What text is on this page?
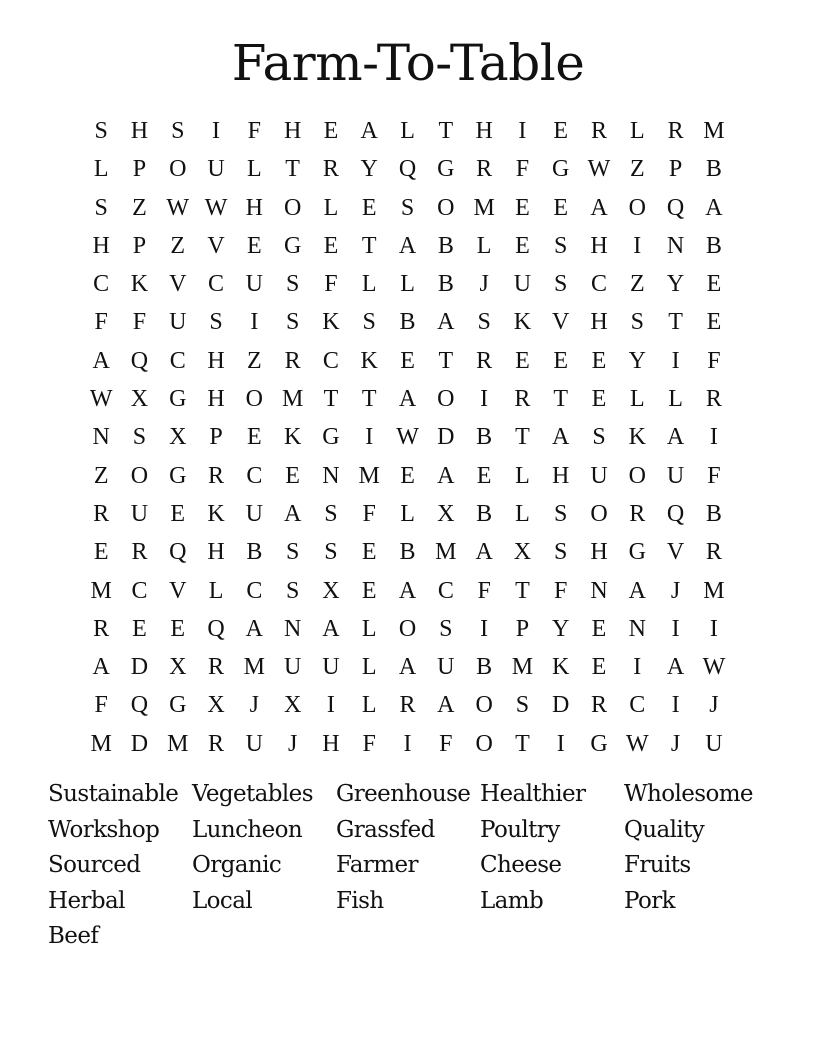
Farm-To-Table
S H S	I	F H E A L T H	I	E R L R M
L	P O U L T R Y Q G R F G W Z	P B
S	Z W W H O L E	S O M E E A O Q A
H P	Z V E G E T A B L E	S H	I	N B
C K V C U S	F	L L B	J	U S C Z Y E
F	F U S	I	S K S B A S K V H S	T E
A Q C H Z R C K E T R E E E Y	I	F
W X G H O M T T A O	I	R T E L L R
N S X P	E K G	I W D B T A S K A	I
Z O G R C E N M E A E L H U O U F
R U E K U A S	F	L X B L	S O R Q B
E R Q H B S	S	E B M A X S H G V R
M C V L C S X E A C F	T	F N A	J M
R E E Q A N A L O S	I	P Y E N	I	I
A D X R M U U L A U B M K E	I	A W
F Q G X	J	X	I	L R A O S D R C	I	J
M D M R U	J	H F	I	F O T	I	G W J	U
Sustainable Vegetables	Greenhouse Healthier	Wholesome
Workshop	Luncheon	Grassfed	Poultry	Quality
Sourced	Organic	Farmer	Cheese	Fruits
Herbal	Local	Fish	Lamb	Pork
Beef
